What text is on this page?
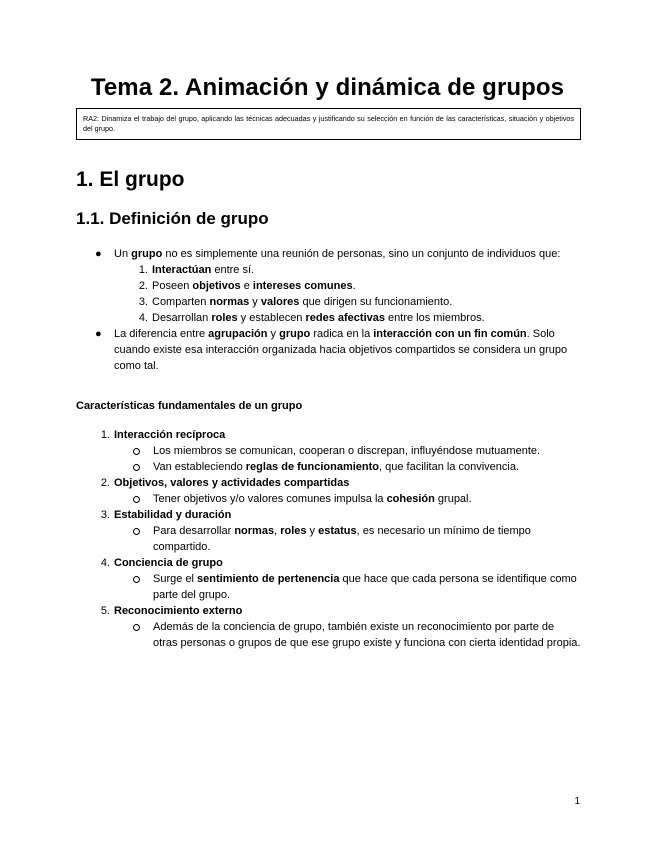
Tema 2. Animación y dinámica de grupos
RA2: Dinamiza el trabajo del grupo, aplicando las técnicas adecuadas y justificando su selección en función de las características, situación y objetivos del grupo.
1. El grupo
1.1. Definición de grupo
● Un grupo no es simplemente una reunión de personas, sino un conjunto de individuos que:
1. Interactúan entre sí.
2. Poseen objetivos e intereses comunes.
3. Comparten normas y valores que dirigen su funcionamiento.
4. Desarrollan roles y establecen redes afectivas entre los miembros.
● La diferencia entre agrupación y grupo radica en la interacción con un fin común. Solo cuando existe esa interacción organizada hacia objetivos compartidos se considera un grupo como tal.
Características fundamentales de un grupo
1. Interacción recíproca
Los miembros se comunican, cooperan o discrepan, influyéndose mutuamente.
Van estableciendo reglas de funcionamiento, que facilitan la convivencia.
2. Objetivos, valores y actividades compartidas
Tener objetivos y/o valores comunes impulsa la cohesión grupal.
3. Estabilidad y duración
Para desarrollar normas, roles y estatus, es necesario un mínimo de tiempo compartido.
4. Conciencia de grupo
Surge el sentimiento de pertenencia que hace que cada persona se identifique como parte del grupo.
5. Reconocimiento externo
Además de la conciencia de grupo, también existe un reconocimiento por parte de otras personas o grupos de que ese grupo existe y funciona con cierta identidad propia.
1
